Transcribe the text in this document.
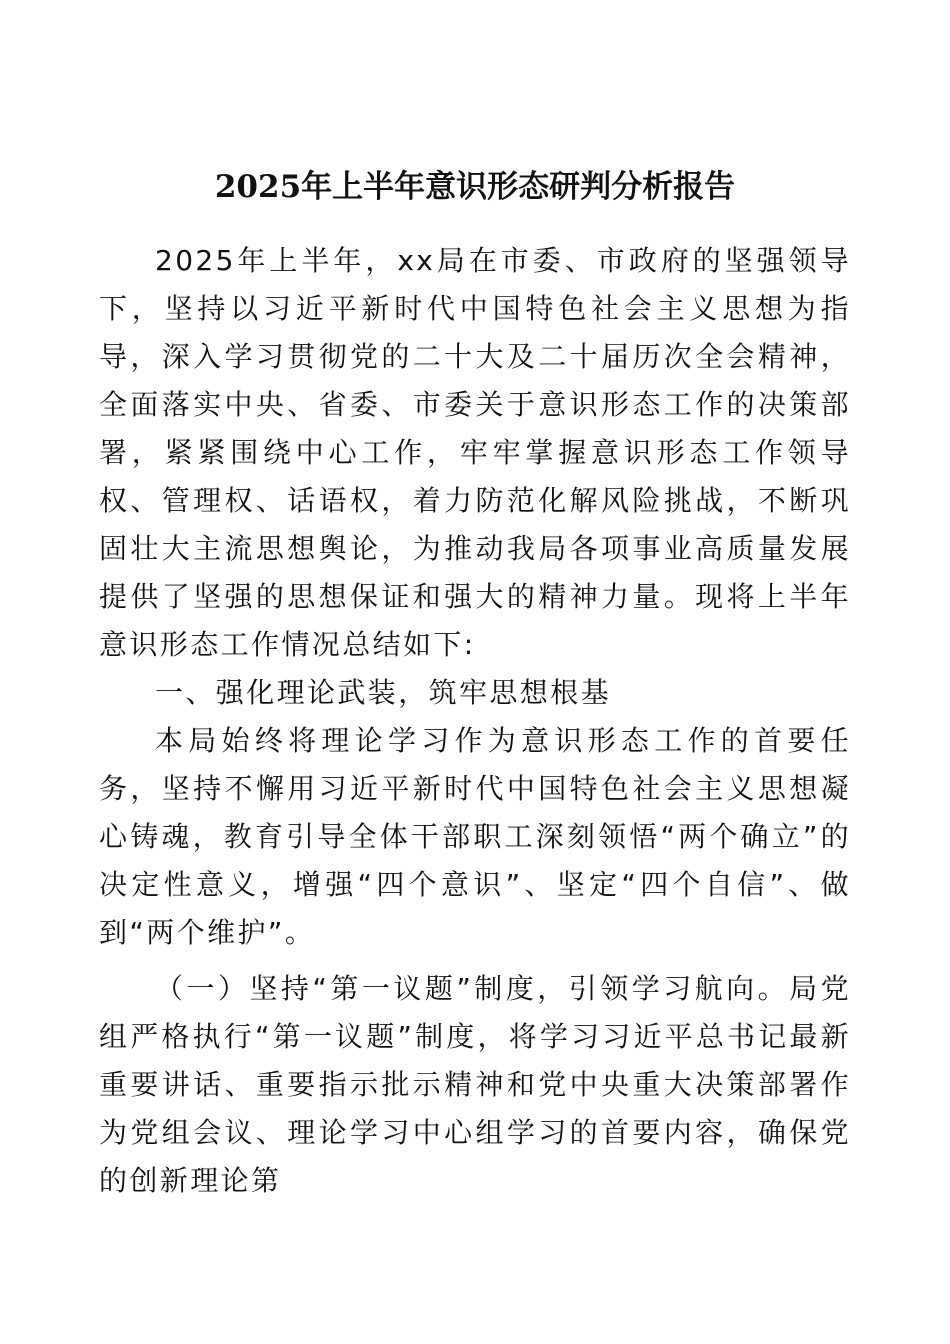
2025年上半年意识形态研判分析报告

2025年上半年，xx局在市委、市政府的坚强领导下，坚持以习近平新时代中国特色社会主义思想为指导，深入学习贯彻党的二十大及二十届历次全会精神，全面落实中央、省委、市委关于意识形态工作的决策部署，紧紧围绕中心工作，牢牢掌握意识形态工作领导权、管理权、话语权，着力防范化解风险挑战，不断巩固壮大主流思想舆论，为推动我局各项事业高质量发展提供了坚强的思想保证和强大的精神力量。现将上半年意识形态工作情况总结如下:

一、强化理论武装，筑牢思想根基

本局始终将理论学习作为意识形态工作的首要任务，坚持不懈用习近平新时代中国特色社会主义思想凝心铸魂，教育引导全体干部职工深刻领悟“两个确立”的决定性意义，增强“四个意识”、坚定“四个自信”、做到“两个维护”。

（一）坚持“第一议题”制度，引领学习航向。局党组严格执行“第一议题”制度，将学习习近平总书记最新重要讲话、重要指示批示精神和党中央重大决策部署作为党组会议、理论学习中心组学习的首要内容，确保党的创新理论第
